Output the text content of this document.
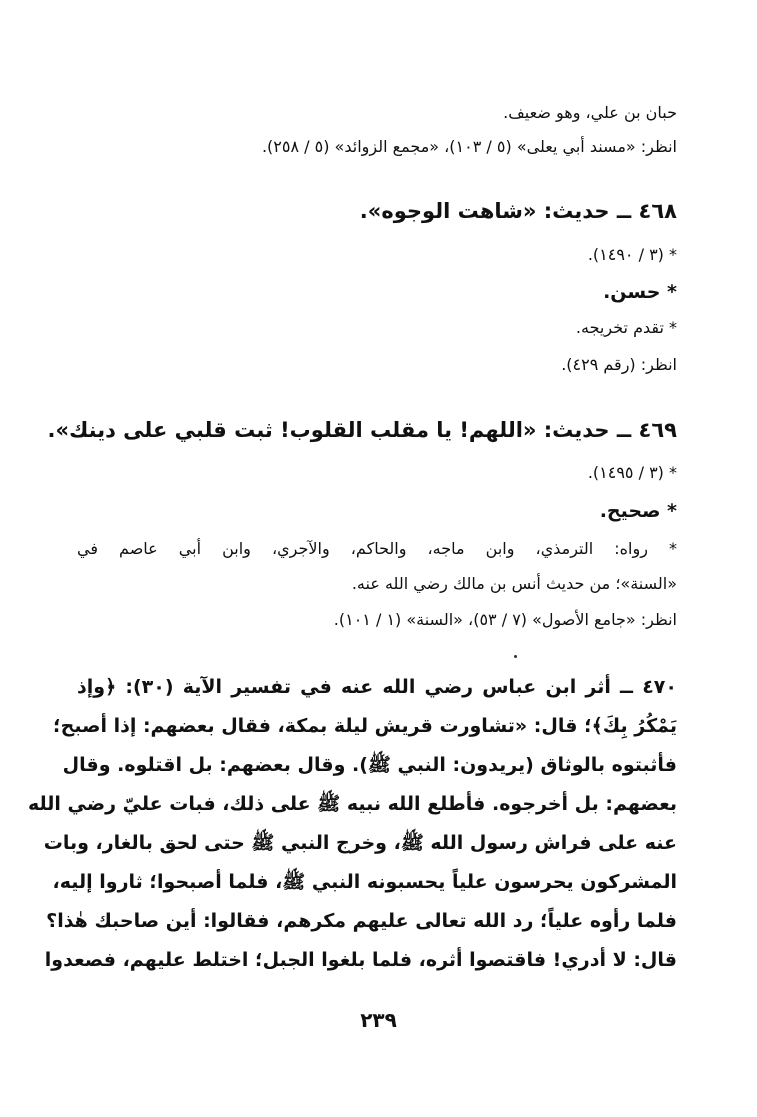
حبان بن علي، وهو ضعيف.
انظر: «مسند أبي يعلى» (٥ / ١٠٣)، «مجمع الزوائد» (٥ / ٢٥٨).
٤٦٨ ــ حديث: «شاهت الوجوه».
* (٣ / ١٤٩٠).
* حسن.
* تقدم تخريجه.
انظر: (رقم ٤٢٩).
٤٦٩ ــ حديث: «اللهم! يا مقلب القلوب! ثبت قلبي على دينك».
* (٣ / ١٤٩٥).
* صحيح.
* رواه: الترمذي، وابن ماجه، والحاكم، والآجري، وابن أبي عاصم في
«السنة»؛ من حديث أنس بن مالك رضي الله عنه.
انظر: «جامع الأصول» (٧ / ٥٣)، «السنة» (١ / ١٠١).
٤٧٠ ــ أثر ابن عباس رضي الله عنه في تفسير الآية (٣٠): ﴿وإذ
يَمْكُرُ بِكَ﴾؛ قال: «تشاورت قريش ليلة بمكة، فقال بعضهم: إذا أصبح؛
فأثبتوه بالوثاق (يريدون: النبي ﷺ). وقال بعضهم: بل اقتلوه. وقال
بعضهم: بل أخرجوه. فأطلع الله نبيه ﷺ على ذلك، فبات عليّ رضي الله
عنه على فراش رسول الله ﷺ، وخرج النبي ﷺ حتى لحق بالغار، وبات
المشركون يحرسون علياً يحسبونه النبي ﷺ، فلما أصبحوا؛ ثاروا إليه،
فلما رأوه علياً؛ رد الله تعالى عليهم مكرهم، فقالوا: أين صاحبك هٰذا؟
قال: لا أدري! فاقتصوا أثره، فلما بلغوا الجبل؛ اختلط عليهم، فصعدوا
٢٣٩
